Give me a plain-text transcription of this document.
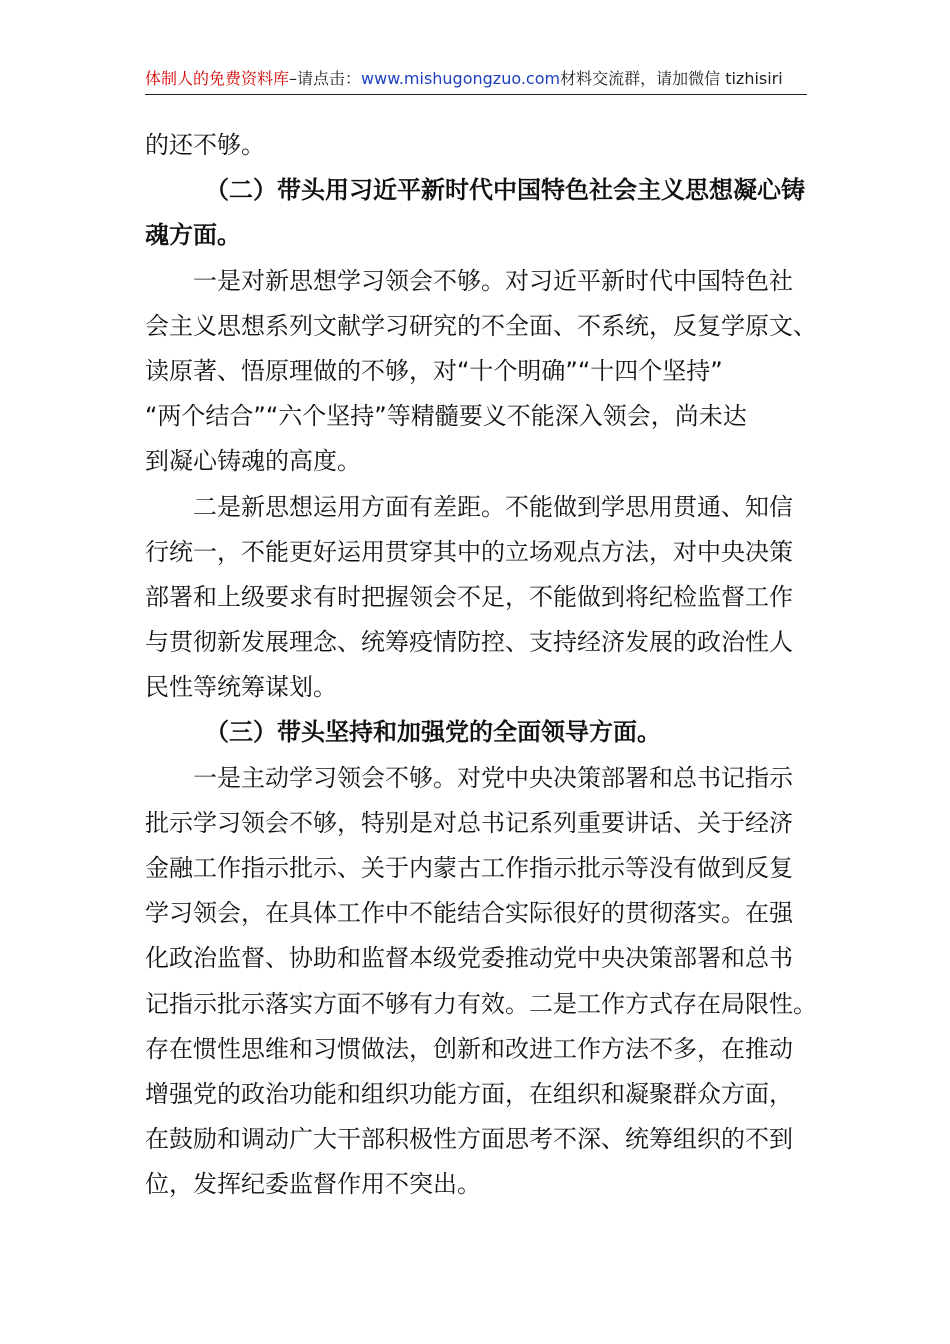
体制人的免费资料库–请点击：www.mishugongzuo.com材料交流群，请加微信 tizhisiri
的还不够。
（二）带头用习近平新时代中国特色社会主义思想凝心铸
魂方面。
一是对新思想学习领会不够。对习近平新时代中国特色社
会主义思想系列文献学习研究的不全面、不系统，反复学原文、
读原著、悟原理做的不够，对“十个明确”“十四个坚持”
“两个结合”“六个坚持”等精髓要义不能深入领会，尚未达
到凝心铸魂的高度。
二是新思想运用方面有差距。不能做到学思用贯通、知信
行统一，不能更好运用贯穿其中的立场观点方法，对中央决策
部署和上级要求有时把握领会不足，不能做到将纪检监督工作
与贯彻新发展理念、统筹疫情防控、支持经济发展的政治性人
民性等统筹谋划。
（三）带头坚持和加强党的全面领导方面。
一是主动学习领会不够。对党中央决策部署和总书记指示
批示学习领会不够，特别是对总书记系列重要讲话、关于经济
金融工作指示批示、关于内蒙古工作指示批示等没有做到反复
学习领会，在具体工作中不能结合实际很好的贯彻落实。在强
化政治监督、协助和监督本级党委推动党中央决策部署和总书
记指示批示落实方面不够有力有效。二是工作方式存在局限性。
存在惯性思维和习惯做法，创新和改进工作方法不多，在推动
增强党的政治功能和组织功能方面，在组织和凝聚群众方面，
在鼓励和调动广大干部积极性方面思考不深、统筹组织的不到
位，发挥纪委监督作用不突出。
